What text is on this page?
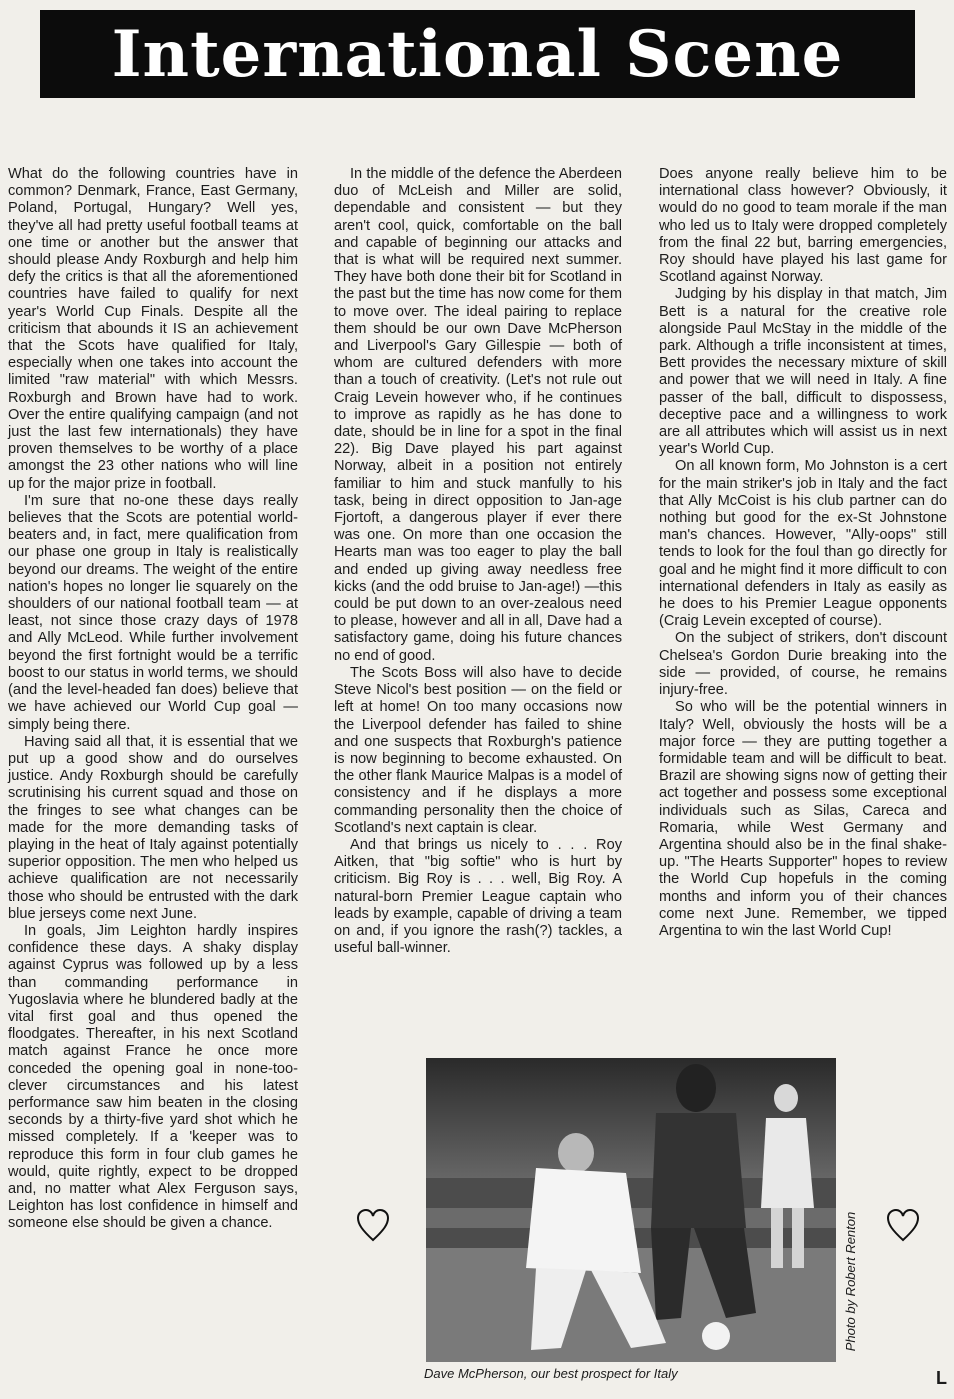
International Scene

What do the following countries have in common? Denmark, France, East Germany, Poland, Portugal, Hungary? Well yes, they've all had pretty useful football teams at one time or another but the answer that should please Andy Roxburgh and help him defy the critics is that all the aforementioned countries have failed to qualify for next year's World Cup Finals. Despite all the criticism that abounds it IS an achievement that the Scots have qualified for Italy, especially when one takes into account the limited "raw material" with which Messrs. Roxburgh and Brown have had to work. Over the entire qualifying campaign (and not just the last few internationals) they have proven themselves to be worthy of a place amongst the 23 other nations who will line up for the major prize in football.

I'm sure that no-one these days really believes that the Scots are potential world-beaters and, in fact, mere qualification from our phase one group in Italy is realistically beyond our dreams. The weight of the entire nation's hopes no longer lie squarely on the shoulders of our national football team — at least, not since those crazy days of 1978 and Ally McLeod. While further involvement beyond the first fortnight would be a terrific boost to our status in world terms, we should (and the level-headed fan does) believe that we have achieved our World Cup goal — simply being there.

Having said all that, it is essential that we put up a good show and do ourselves justice. Andy Roxburgh should be carefully scrutinising his current squad and those on the fringes to see what changes can be made for the more demanding tasks of playing in the heat of Italy against potentially superior opposition. The men who helped us achieve qualification are not necessarily those who should be entrusted with the dark blue jerseys come next June.

In goals, Jim Leighton hardly inspires confidence these days. A shaky display against Cyprus was followed up by a less than commanding performance in Yugoslavia where he blundered badly at the vital first goal and thus opened the floodgates. Thereafter, in his next Scotland match against France he once more conceded the opening goal in none-too-clever circumstances and his latest performance saw him beaten in the closing seconds by a thirty-five yard shot which he missed completely. If a 'keeper was to reproduce this form in four club games he would, quite rightly, expect to be dropped and, no matter what Alex Ferguson says, Leighton has lost confidence in himself and someone else should be given a chance.

In the middle of the defence the Aberdeen duo of McLeish and Miller are solid, dependable and consistent — but they aren't cool, quick, comfortable on the ball and capable of beginning our attacks and that is what will be required next summer. They have both done their bit for Scotland in the past but the time has now come for them to move over. The ideal pairing to replace them should be our own Dave McPherson and Liverpool's Gary Gillespie — both of whom are cultured defenders with more than a touch of creativity. (Let's not rule out Craig Levein however who, if he continues to improve as rapidly as he has done to date, should be in line for a spot in the final 22). Big Dave played his part against Norway, albeit in a position not entirely familiar to him and stuck manfully to his task, being in direct opposition to Jan-age Fjortoft, a dangerous player if ever there was one. On more than one occasion the Hearts man was too eager to play the ball and ended up giving away needless free kicks (and the odd bruise to Jan-age!) —this could be put down to an over-zealous need to please, however and all in all, Dave had a satisfactory game, doing his future chances no end of good.

The Scots Boss will also have to decide Steve Nicol's best position — on the field or left at home! On too many occasions now the Liverpool defender has failed to shine and one suspects that Roxburgh's patience is now beginning to become exhausted. On the other flank Maurice Malpas is a model of consistency and if he displays a more commanding personality then the choice of Scotland's next captain is clear.

And that brings us nicely to . . . Roy Aitken, that "big softie" who is hurt by criticism. Big Roy is . . . well, Big Roy. A natural-born Premier League captain who leads by example, capable of driving a team on and, if you ignore the rash(?) tackles, a useful ball-winner.

Does anyone really believe him to be international class however? Obviously, it would do no good to team morale if the man who led us to Italy were dropped completely from the final 22 but, barring emergencies, Roy should have played his last game for Scotland against Norway.

Judging by his display in that match, Jim Bett is a natural for the creative role alongside Paul McStay in the middle of the park. Although a trifle inconsistent at times, Bett provides the necessary mixture of skill and power that we will need in Italy. A fine passer of the ball, difficult to dispossess, deceptive pace and a willingness to work are all attributes which will assist us in next year's World Cup.

On all known form, Mo Johnston is a cert for the main striker's job in Italy and the fact that Ally McCoist is his club partner can do nothing but good for the ex-St Johnstone man's chances. However, "Ally-oops" still tends to look for the foul than go directly for goal and he might find it more difficult to con international defenders in Italy as easily as he does to his Premier League opponents (Craig Levein excepted of course).

On the subject of strikers, don't discount Chelsea's Gordon Durie breaking into the side — provided, of course, he remains injury-free.

So who will be the potential winners in Italy? Well, obviously the hosts will be a major force — they are putting together a formidable team and will be difficult to beat. Brazil are showing signs now of getting their act together and possess some exceptional individuals such as Silas, Careca and Romaria, while West Germany and Argentina should also be in the final shake-up. "The Hearts Supporter" hopes to review the World Cup hopefuls in the coming months and inform you of their chances come next June. Remember, we tipped Argentina to win the last World Cup!

Photo by Robert Renton
Dave McPherson, our best prospect for Italy	L
